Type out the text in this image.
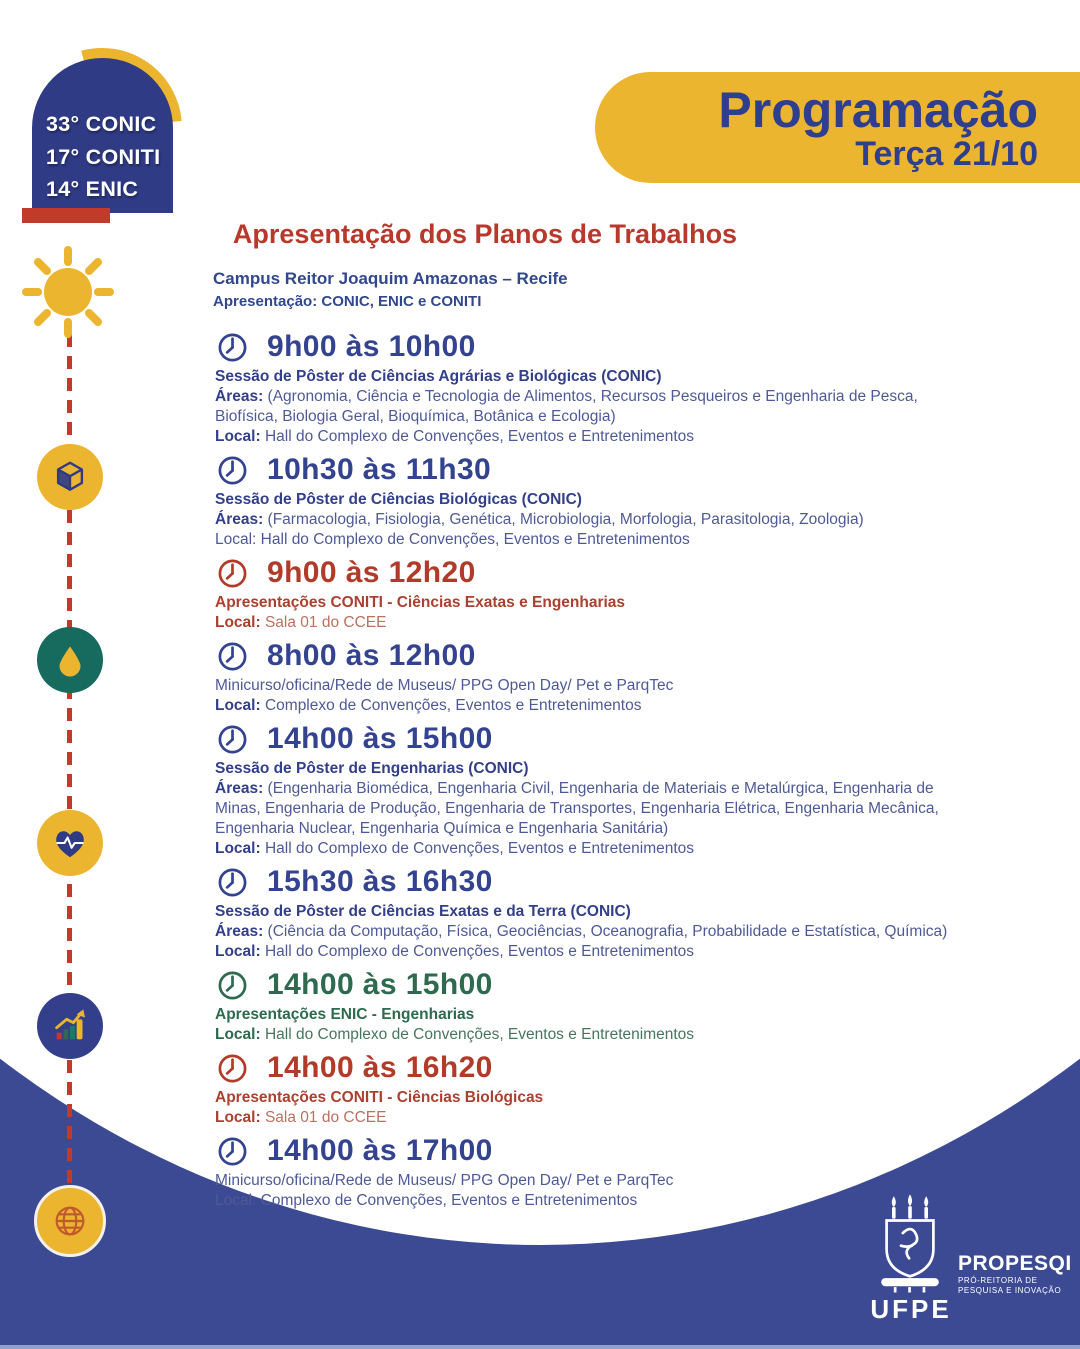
33° CONIC
17° CONITI
14° ENIC
Programação
Terça 21/10
Apresentação dos Planos de Trabalhos
Campus Reitor Joaquim Amazonas – Recife
Apresentação: CONIC, ENIC e CONITI
9h00 às 10h00
Sessão de Pôster de Ciências Agrárias e Biológicas (CONIC)
Áreas: (Agronomia, Ciência e Tecnologia de Alimentos, Recursos Pesqueiros e Engenharia de Pesca, Biofísica, Biologia Geral, Bioquímica, Botânica e Ecologia)
Local: Hall do Complexo de Convenções, Eventos e Entretenimentos
10h30 às 11h30
Sessão de Pôster de Ciências Biológicas (CONIC)
Áreas: (Farmacologia, Fisiologia, Genética, Microbiologia, Morfologia, Parasitologia, Zoologia)
Local: Hall do Complexo de Convenções, Eventos e Entretenimentos
9h00 às 12h20
Apresentações CONITI - Ciências Exatas e Engenharias
Local: Sala 01 do CCEE
8h00 às 12h00
Minicurso/oficina/Rede de Museus/ PPG Open Day/ Pet e ParqTec
Local: Complexo de Convenções, Eventos e Entretenimentos
14h00 às 15h00
Sessão de Pôster de Engenharias (CONIC)
Áreas: (Engenharia Biomédica, Engenharia Civil, Engenharia de Materiais e Metalúrgica, Engenharia de Minas, Engenharia de Produção, Engenharia de Transportes, Engenharia Elétrica, Engenharia Mecânica, Engenharia Nuclear, Engenharia Química e Engenharia Sanitária)
Local: Hall do Complexo de Convenções, Eventos e Entretenimentos
15h30 às 16h30
Sessão de Pôster de Ciências Exatas e da Terra (CONIC)
Áreas: (Ciência da Computação, Física, Geociências, Oceanografia, Probabilidade e Estatística, Química)
Local: Hall do Complexo de Convenções, Eventos e Entretenimentos
14h00 às 15h00
Apresentações ENIC - Engenharias
Local: Hall do Complexo de Convenções, Eventos e Entretenimentos
14h00 às 16h20
Apresentações CONITI - Ciências Biológicas
Local: Sala 01 do CCEE
14h00 às 17h00
Minicurso/oficina/Rede de Museus/ PPG Open Day/ Pet e ParqTec
Local: Complexo de Convenções, Eventos e Entretenimentos
UFPE
PROPESQI
PRÓ-REITORIA DE
PESQUISA E INOVAÇÃO
